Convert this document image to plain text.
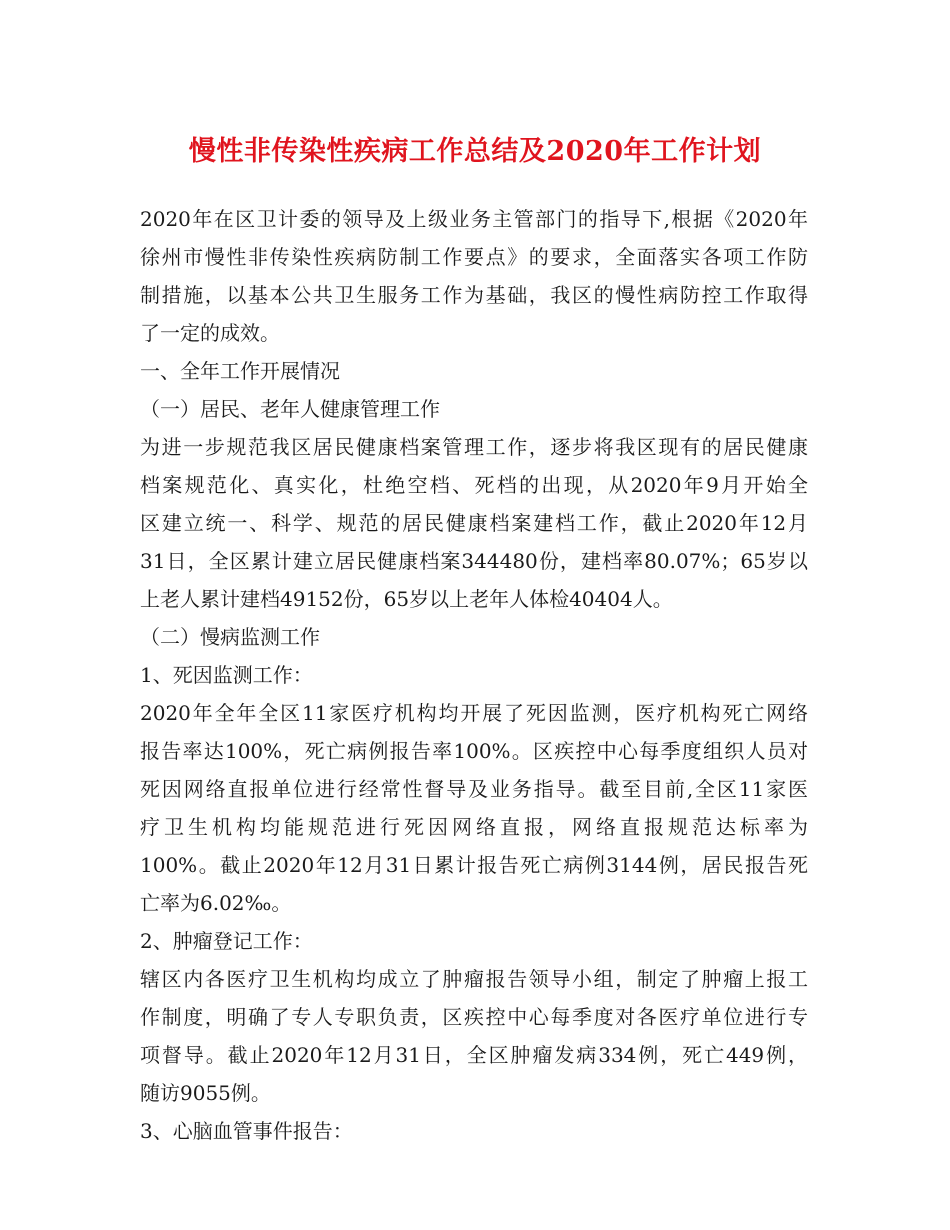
慢性非传染性疾病工作总结及2020年工作计划
2020年在区卫计委的领导及上级业务主管部门的指导下,根据《2020年
徐州市慢性非传染性疾病防制工作要点》的要求，全面落实各项工作防
制措施，以基本公共卫生服务工作为基础，我区的慢性病防控工作取得
了一定的成效。
一、全年工作开展情况
（一）居民、老年人健康管理工作
为进一步规范我区居民健康档案管理工作，逐步将我区现有的居民健康
档案规范化、真实化，杜绝空档、死档的出现，从2020年9月开始全
区建立统一、科学、规范的居民健康档案建档工作，截止2020年12月
31日，全区累计建立居民健康档案344480份，建档率80.07%；65岁以
上老人累计建档49152份，65岁以上老年人体检40404人。
（二）慢病监测工作
1、死因监测工作：
2020年全年全区11家医疗机构均开展了死因监测，医疗机构死亡网络
报告率达100%，死亡病例报告率100%。区疾控中心每季度组织人员对
死因网络直报单位进行经常性督导及业务指导。截至目前,全区11家医
疗卫生机构均能规范进行死因网络直报，网络直报规范达标率为
100%。截止2020年12月31日累计报告死亡病例3144例，居民报告死
亡率为6.02‰。
2、肿瘤登记工作：
辖区内各医疗卫生机构均成立了肿瘤报告领导小组，制定了肿瘤上报工
作制度，明确了专人专职负责，区疾控中心每季度对各医疗单位进行专
项督导。截止2020年12月31日，全区肿瘤发病334例，死亡449例，
随访9055例。
3、心脑血管事件报告：
